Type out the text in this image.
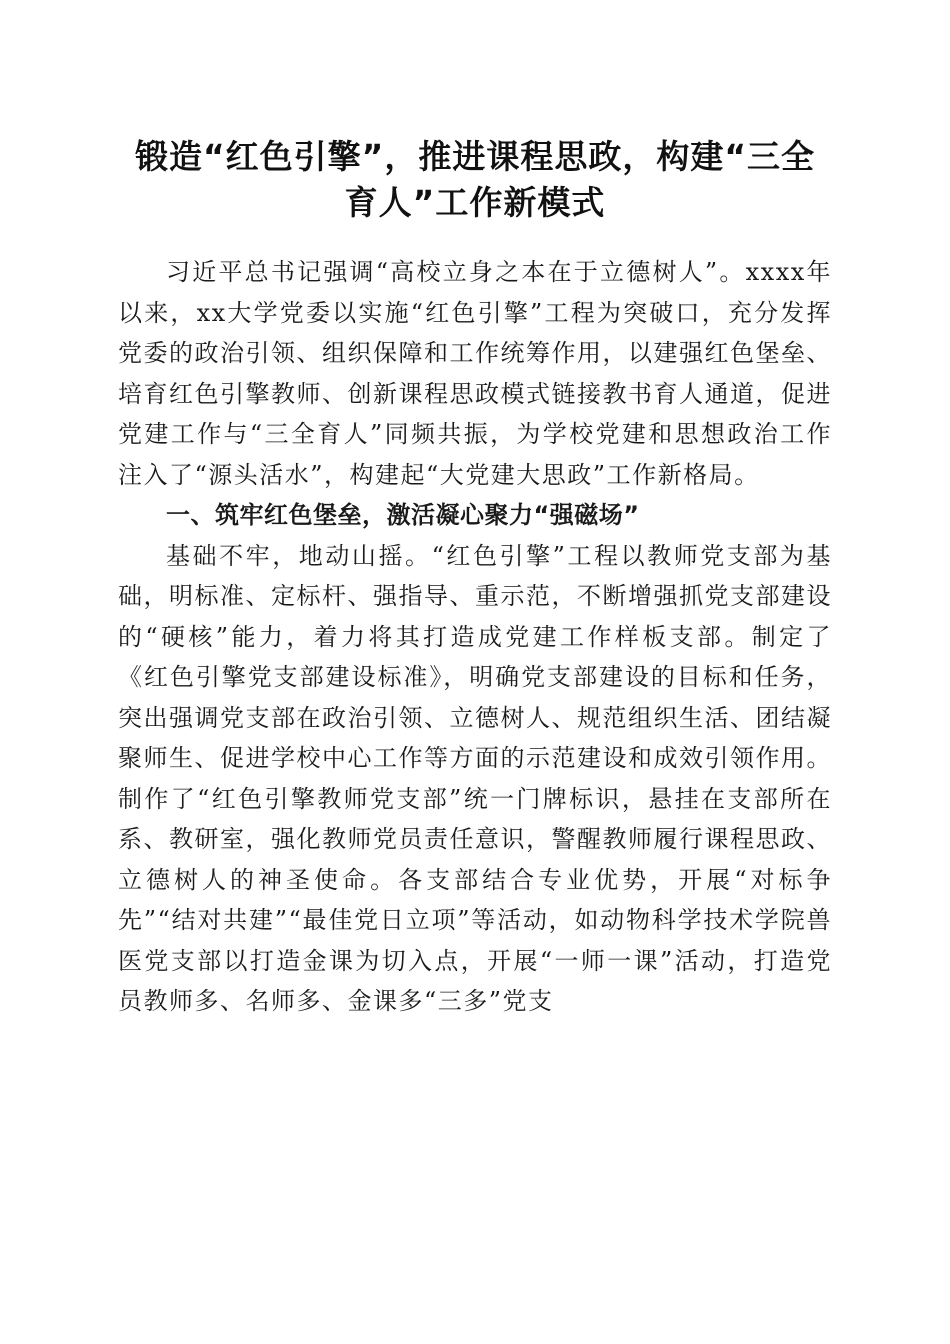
锻造“红色引擎”，推进课程思政，构建“三全育人”工作新模式

习近平总书记强调“高校立身之本在于立德树人”。xxxx年以来，xx大学党委以实施“红色引擎”工程为突破口，充分发挥党委的政治引领、组织保障和工作统筹作用，以建强红色堡垒、培育红色引擎教师、创新课程思政模式链接教书育人通道，促进党建工作与“三全育人”同频共振，为学校党建和思想政治工作注入了“源头活水”，构建起“大党建大思政”工作新格局。

一、筑牢红色堡垒，激活凝心聚力“强磁场”

基础不牢，地动山摇。“红色引擎”工程以教师党支部为基础，明标准、定标杆、强指导、重示范，不断增强抓党支部建设的“硬核”能力，着力将其打造成党建工作样板支部。制定了《红色引擎党支部建设标准》，明确党支部建设的目标和任务，突出强调党支部在政治引领、立德树人、规范组织生活、团结凝聚师生、促进学校中心工作等方面的示范建设和成效引领作用。制作了“红色引擎教师党支部”统一门牌标识，悬挂在支部所在系、教研室，强化教师党员责任意识，警醒教师履行课程思政、立德树人的神圣使命。各支部结合专业优势，开展“对标争先”“结对共建”“最佳党日立项”等活动，如动物科学技术学院兽医党支部以打造金课为切入点，开展“一师一课”活动，打造党员教师多、名师多、金课多“三多”党支
